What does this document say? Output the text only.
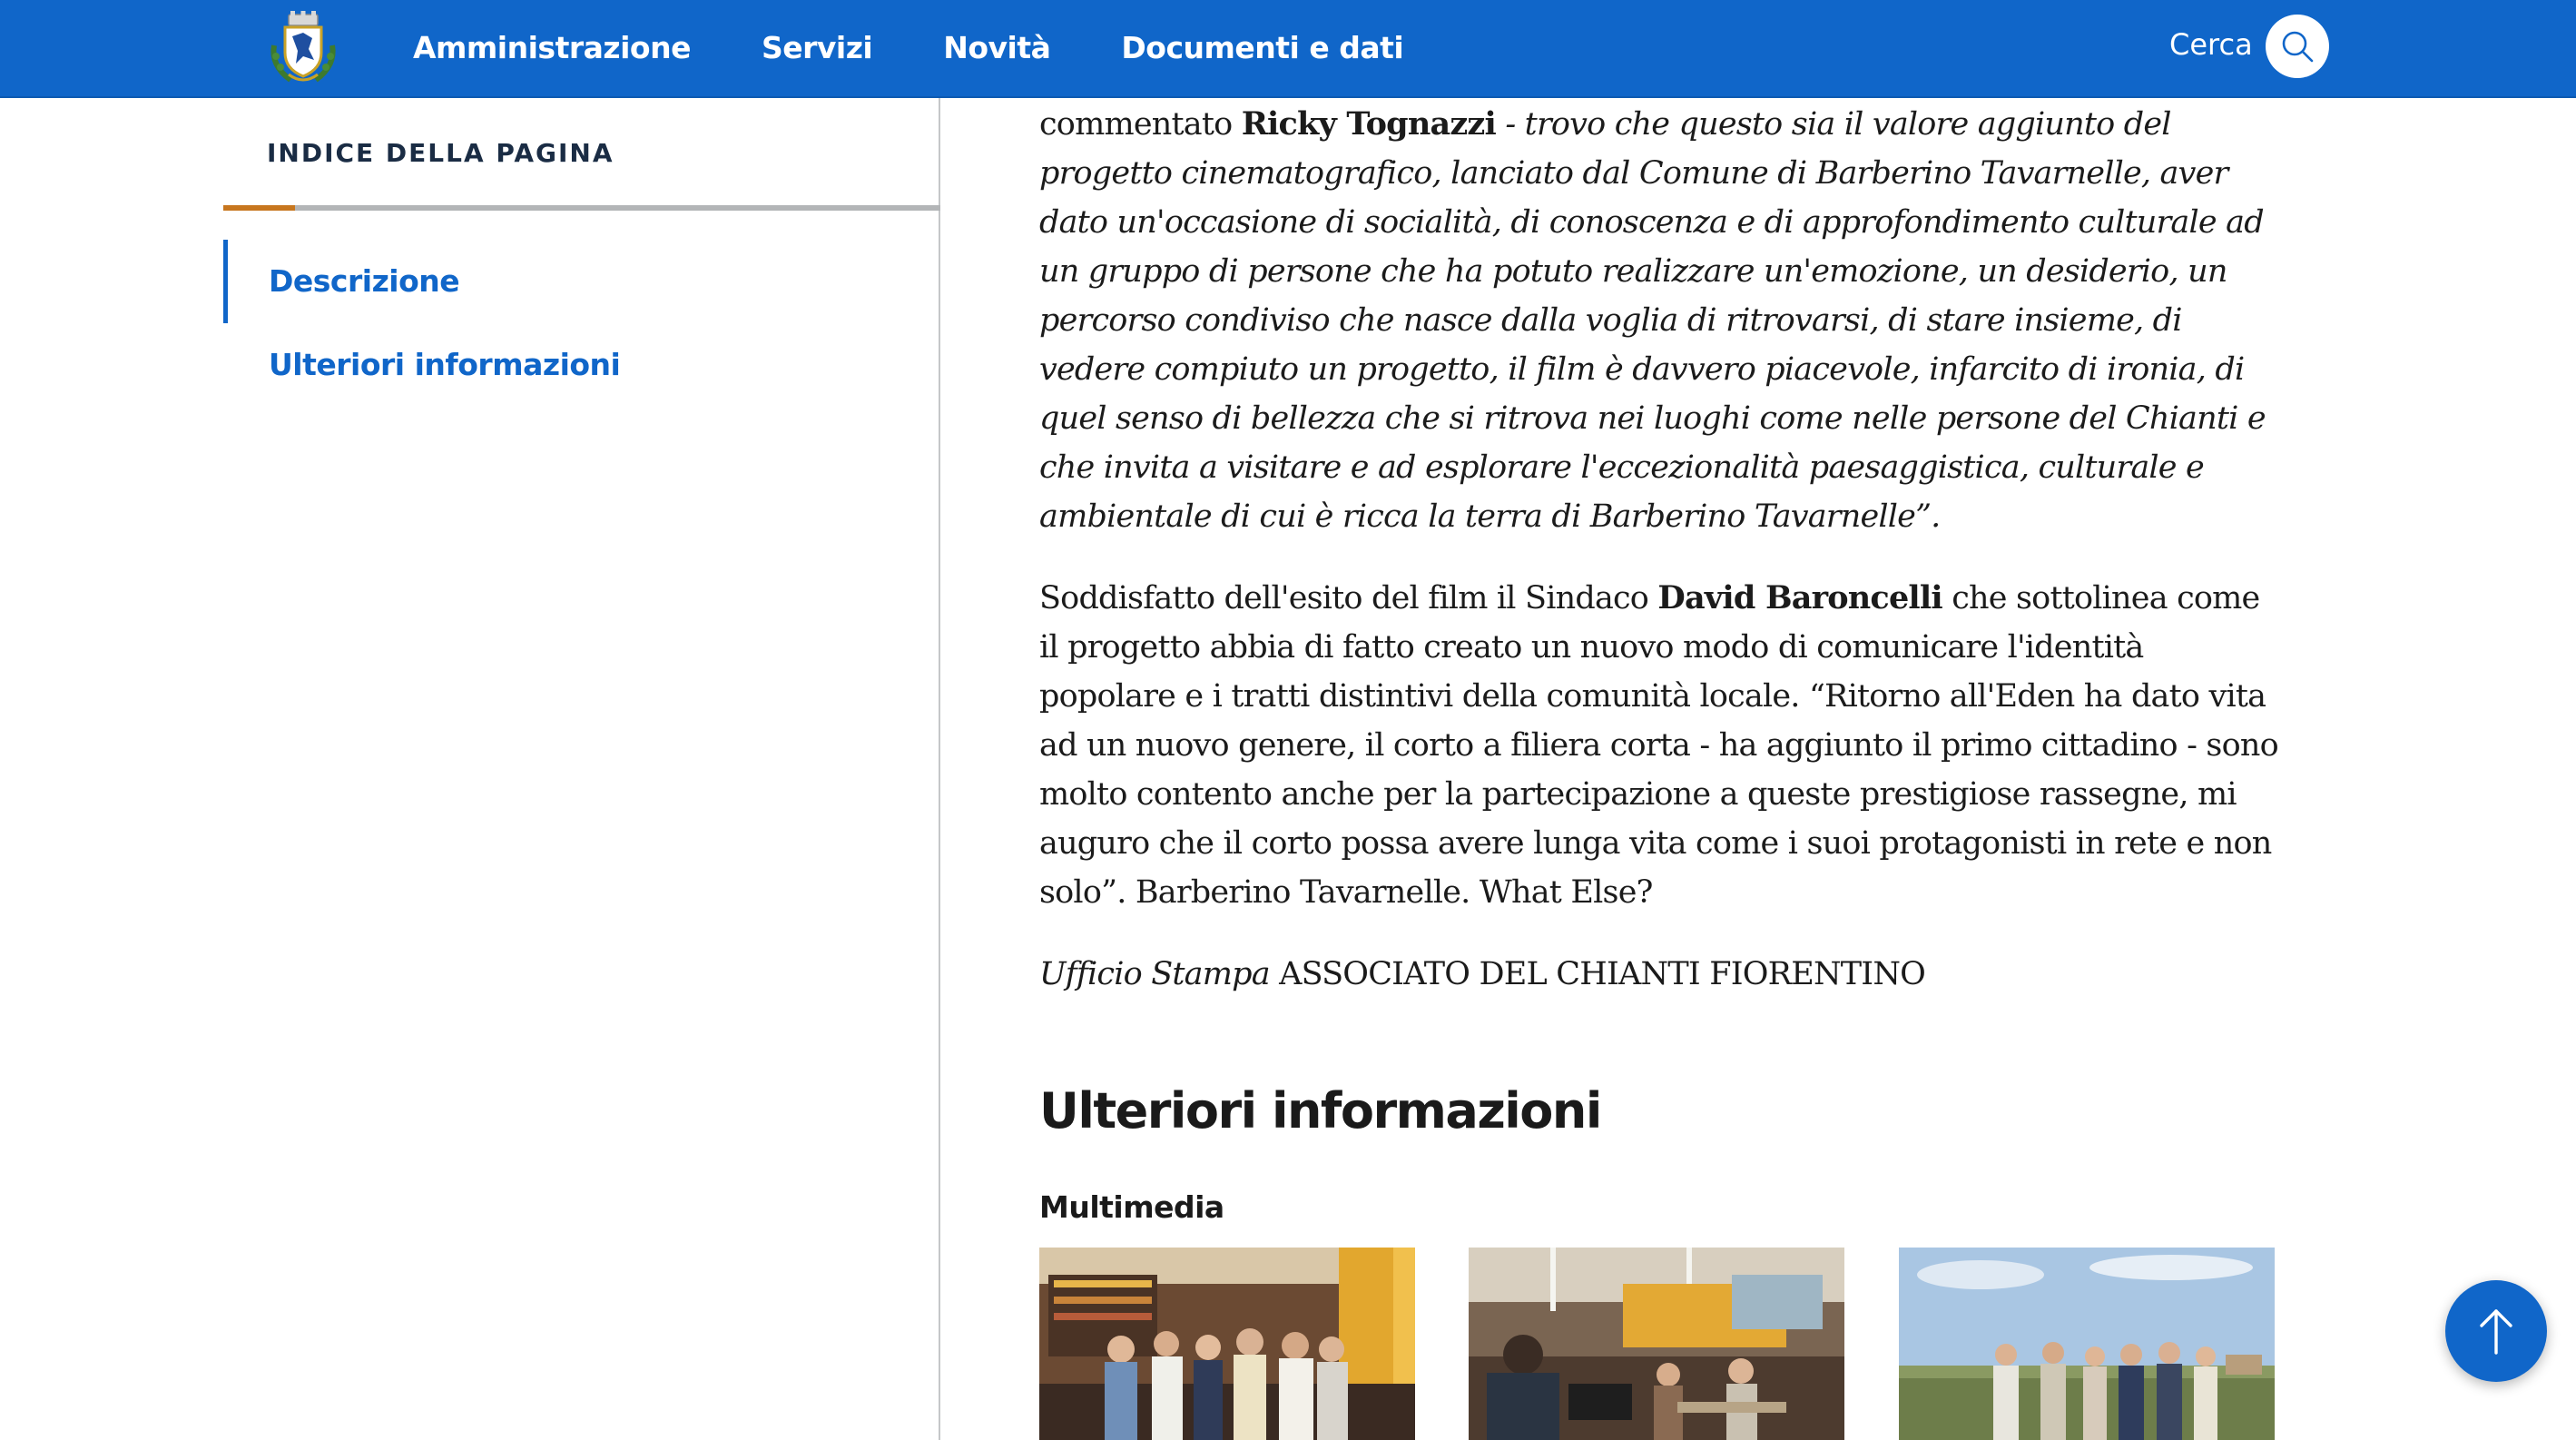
Amministrazione Servizi Novità Documenti e dati	Cerca
INDICE DELLA PAGINA
Descrizione
Ulteriori informazioni

commentato Ricky Tognazzi - trovo che questo sia il valore aggiunto del progetto cinematografico, lanciato dal Comune di Barberino Tavarnelle, aver dato un'occasione di socialità, di conoscenza e di approfondimento culturale ad un gruppo di persone che ha potuto realizzare un'emozione, un desiderio, un percorso condiviso che nasce dalla voglia di ritrovarsi, di stare insieme, di vedere compiuto un progetto, il film è davvero piacevole, infarcito di ironia, di quel senso di bellezza che si ritrova nei luoghi come nelle persone del Chianti e che invita a visitare e ad esplorare l'eccezionalità paesaggistica, culturale e ambientale di cui è ricca la terra di Barberino Tavarnelle”.

Soddisfatto dell'esito del film il Sindaco David Baroncelli che sottolinea come il progetto abbia di fatto creato un nuovo modo di comunicare l'identità popolare e i tratti distintivi della comunità locale. “Ritorno all'Eden ha dato vita ad un nuovo genere, il corto a filiera corta - ha aggiunto il primo cittadino - sono molto contento anche per la partecipazione a queste prestigiose rassegne, mi auguro che il corto possa avere lunga vita come i suoi protagonisti in rete e non solo”. Barberino Tavarnelle. What Else?

Ufficio Stampa ASSOCIATO DEL CHIANTI FIORENTINO

Ulteriori informazioni
Multimedia
